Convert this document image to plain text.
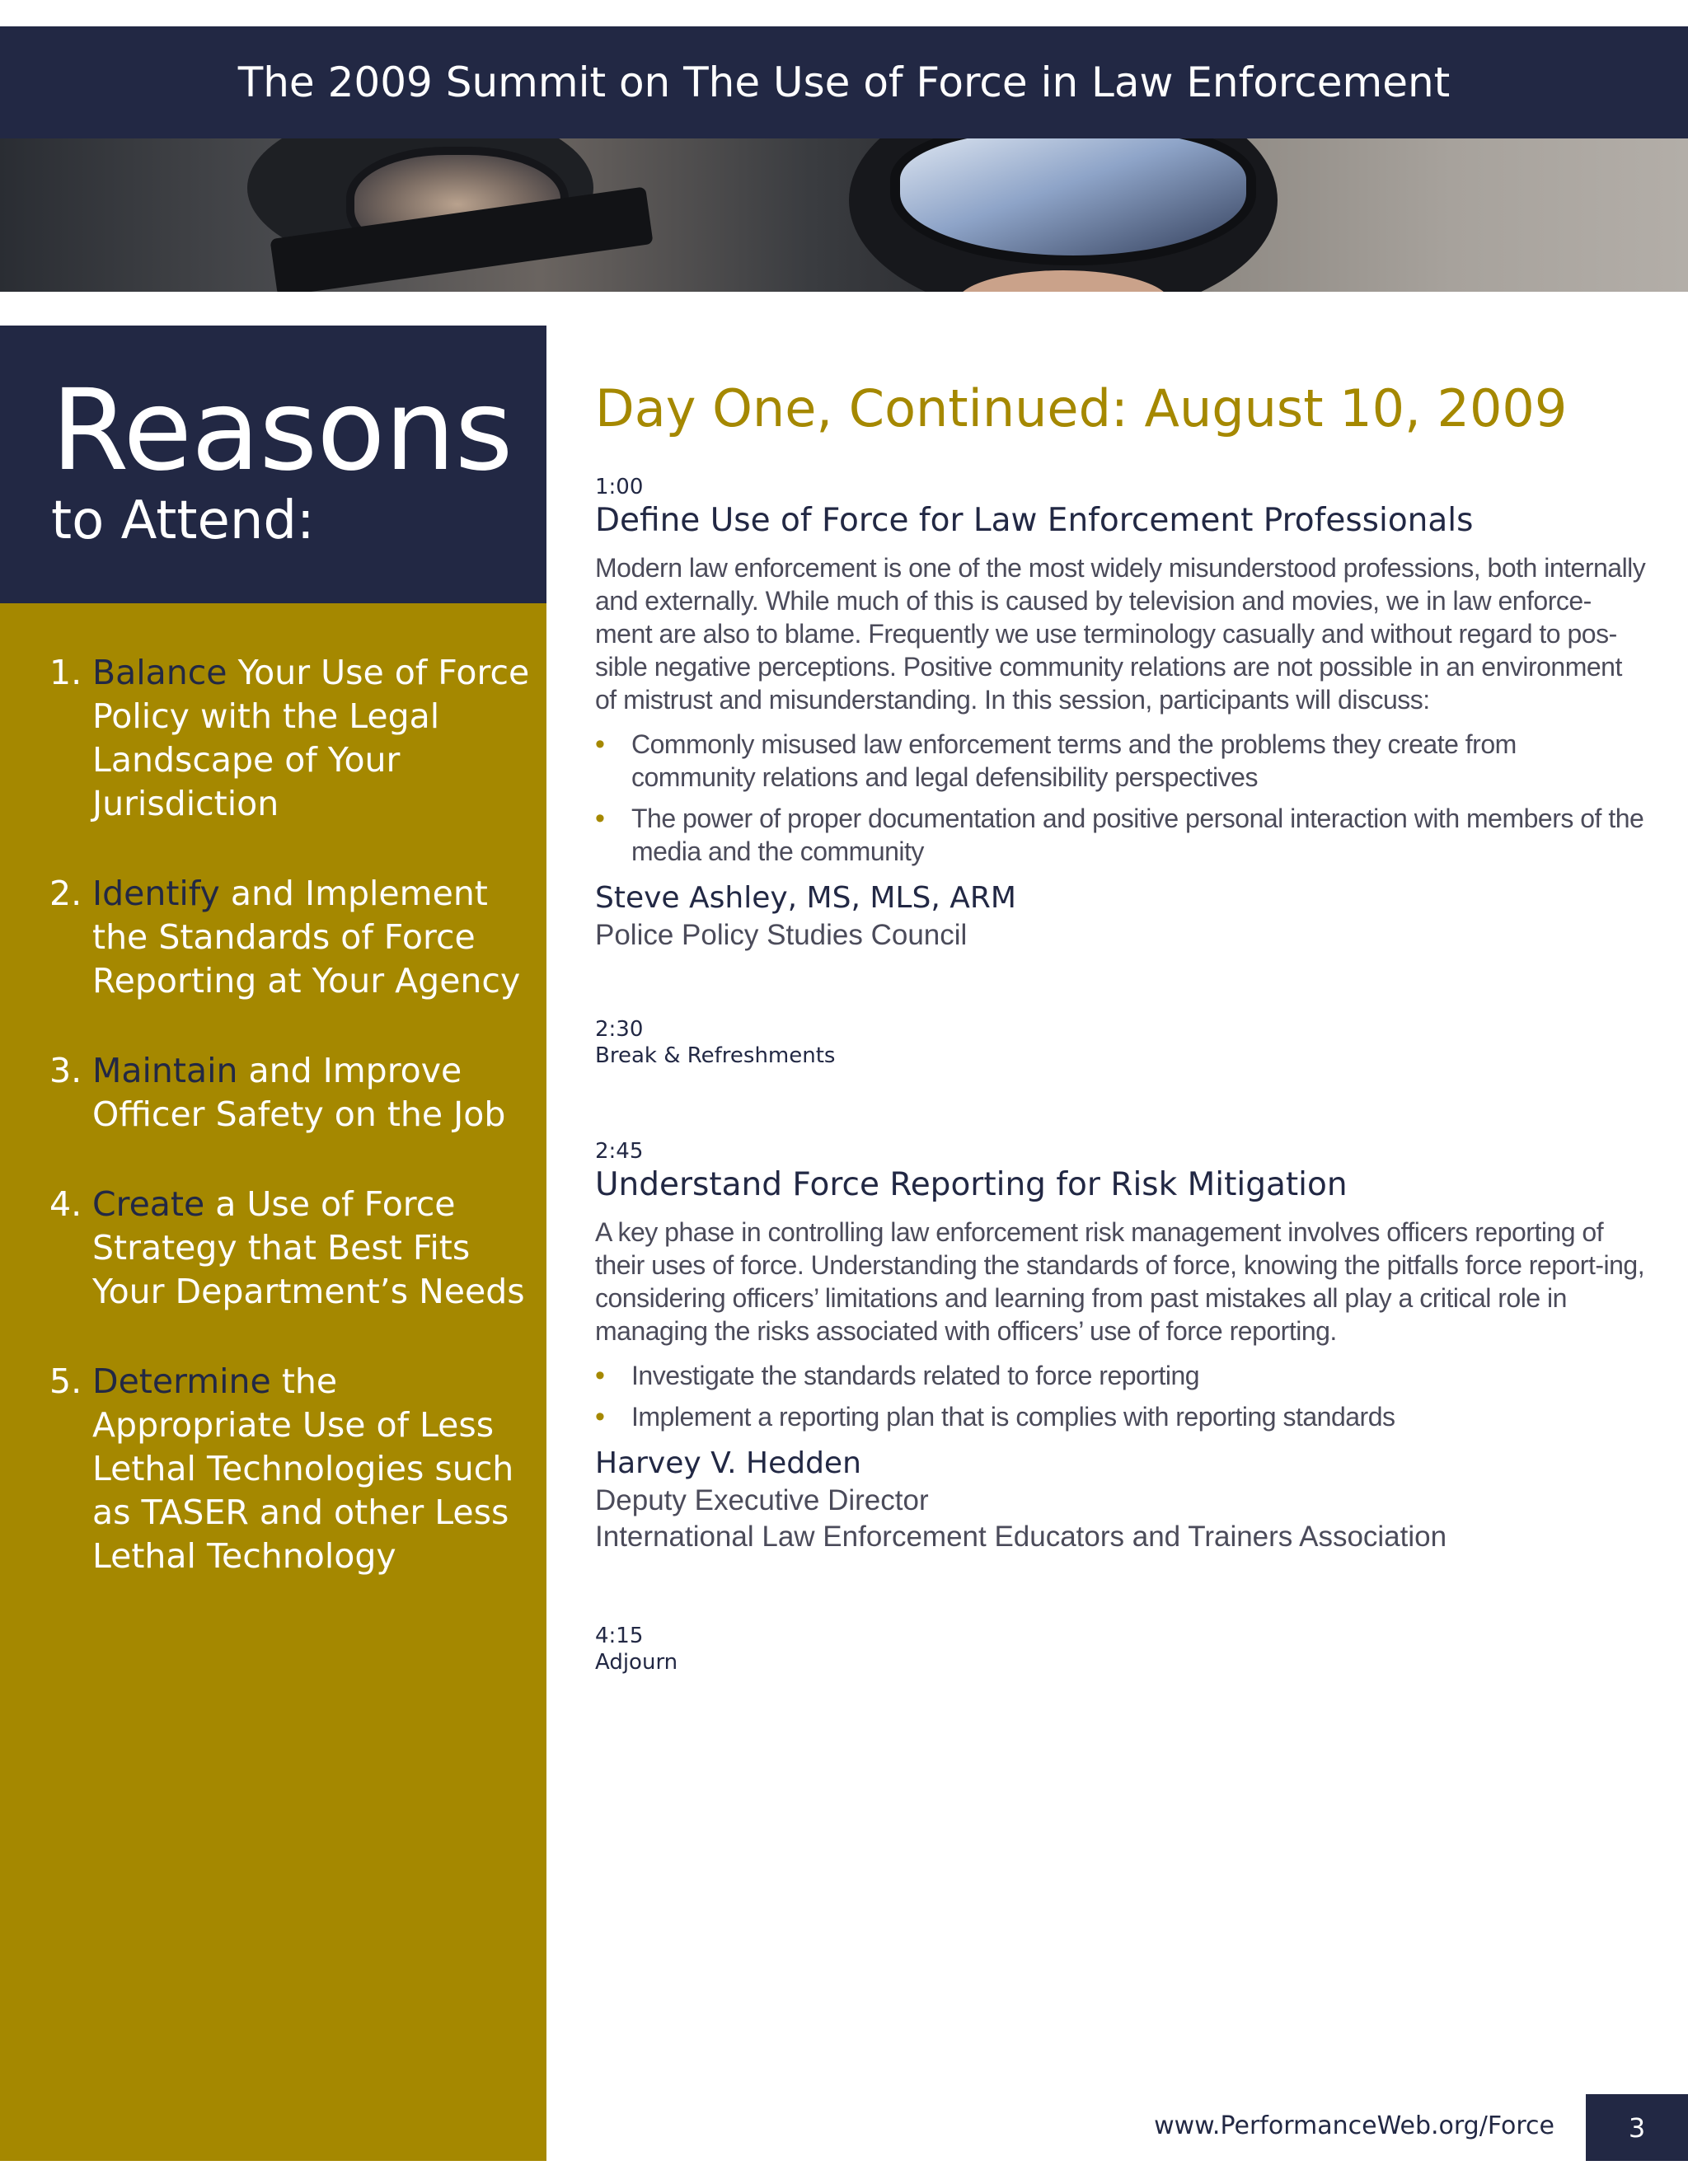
The 2009 Summit on The Use of Force in Law Enforcement
Reasons
to Attend:
1. Balance Your Use of Force Policy with the Legal Landscape of Your Jurisdiction
2. Identify and Implement the Standards of Force Reporting at Your Agency
3. Maintain and Improve Officer Safety on the Job
4. Create a Use of Force Strategy that Best Fits Your Department’s Needs
5. Determine the Appropriate Use of Less Lethal Technologies such as TASER and other Less Lethal Technology
Day One, Continued: August 10, 2009
1:00
Define Use of Force for Law Enforcement Professionals

Modern law enforcement is one of the most widely misunderstood professions, both internally and externally. While much of this is caused by television and movies, we in law enforce-ment are also to blame. Frequently we use terminology casually and without regard to pos-sible negative perceptions. Positive community relations are not possible in an environment of mistrust and misunderstanding. In this session, participants will discuss:

• Commonly misused law enforcement terms and the problems they create from community relations and legal defensibility perspectives
• The power of proper documentation and positive personal interaction with members of the media and the community
Steve Ashley, MS, MLS, ARM
Police Policy Studies Council
2:30
Break & Refreshments
2:45
Understand Force Reporting for Risk Mitigation

A key phase in controlling law enforcement risk management involves officers reporting of their uses of force. Understanding the standards of force, knowing the pitfalls force report-ing, considering officers’ limitations and learning from past mistakes all play a critical role in managing the risks associated with officers’ use of force reporting.

• Investigate the standards related to force reporting
• Implement a reporting plan that is complies with reporting standards
Harvey V. Hedden
Deputy Executive Director
International Law Enforcement Educators and Trainers Association
4:15
Adjourn
www.PerformanceWeb.org/Force	3
